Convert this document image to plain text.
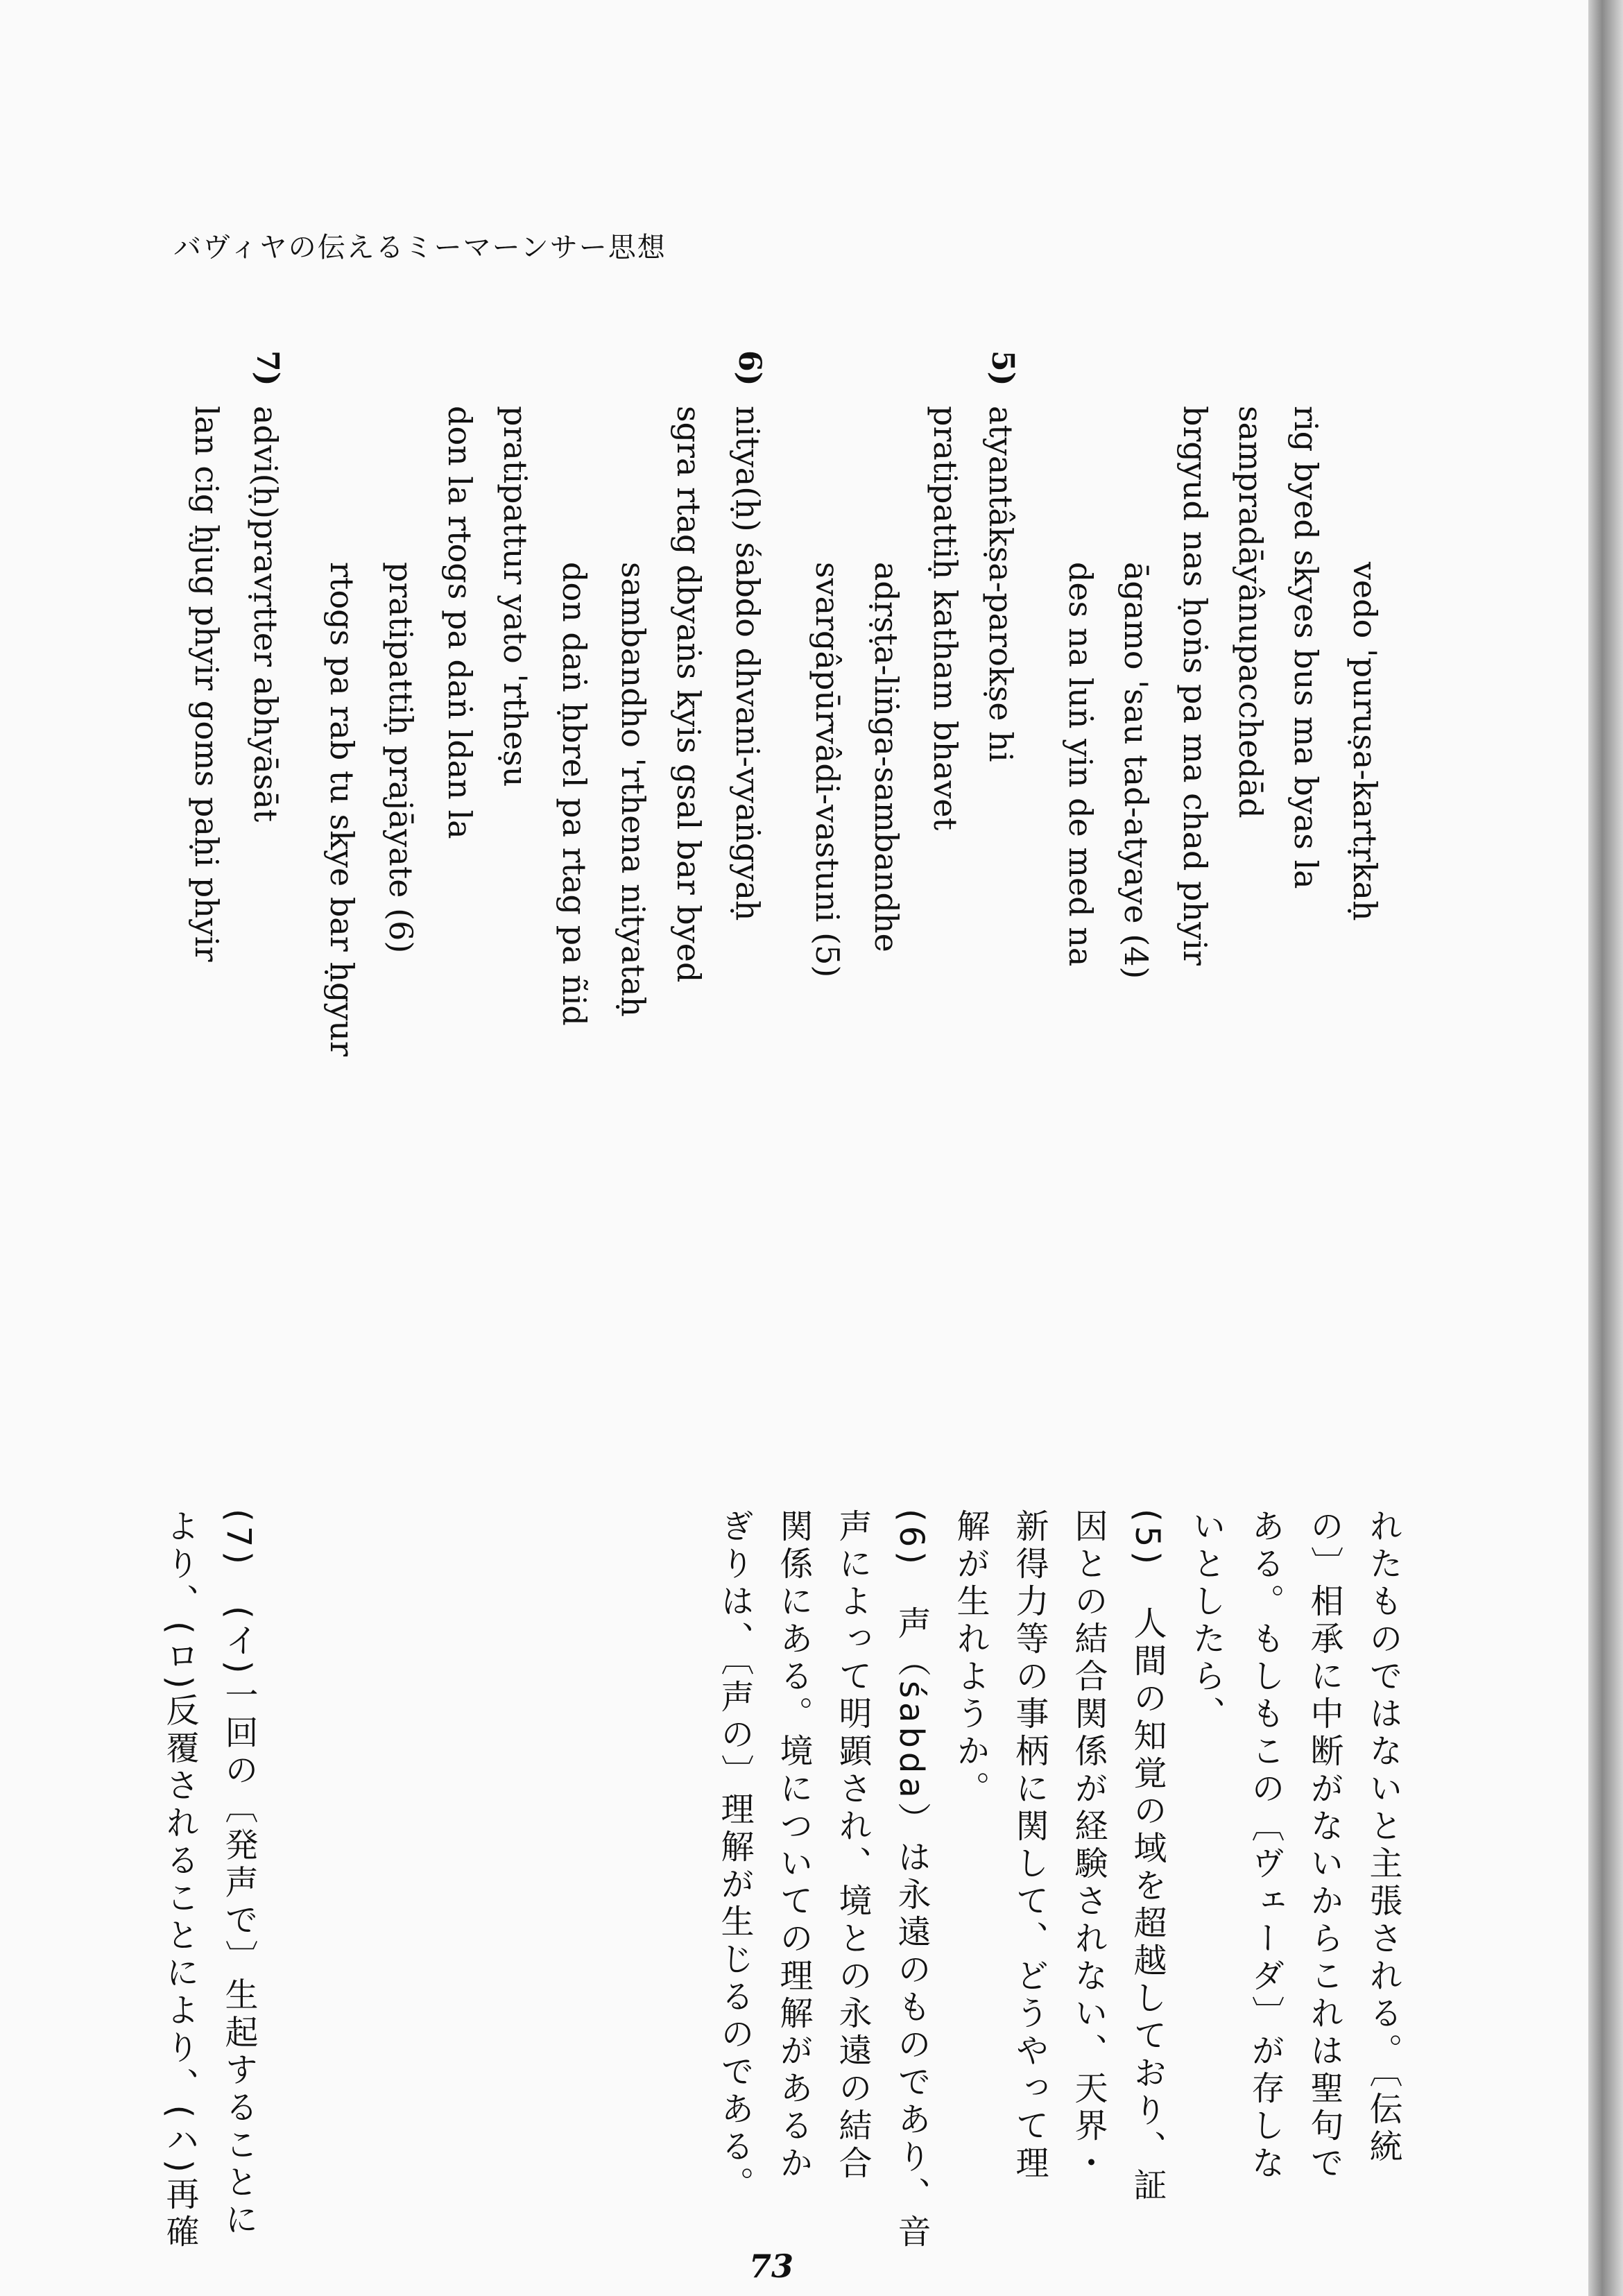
バヴィヤの伝えるミーマーンサー思想
73
vedo 'puruṣa-kartṛkaḥ
rig byed skyes bus ma byas la
sampradāyânupacchedād
brgyud nas ḥoṅs pa ma chad phyir
āgamo 'sau tad-atyaye (4)
des na luṅ yin de med na
atyantâkṣa-parokṣe hi
pratipattiḥ katham bhavet
adṛṣṭa-liṅga-sambandhe
svargâpūrvâdi-vastuni (5)
nitya(ḥ) śabdo dhvani-vyaṅgyaḥ
sgra rtag dbyaṅs kyis gsal bar byed
sambandho 'rthena nityataḥ
don daṅ ḥbrel pa rtag pa ñid
pratipattur yato 'rtheṣu
don la rtogs pa daṅ ldan la
pratipattiḥ prajāyate (6)
rtogs pa rab tu skye bar ḥgyur
advi(ḥ)pravṛtter abhyāsāt
lan cig ḥjug phyir goms paḥi phyir
5)
6)
7)
れたものではないと主張される。〔伝統
の〕相承に中断がないからこれは聖句で
ある。もしもこの〔ヴェーダ〕が存しな
いとしたら、
(5)　人間の知覚の域を超越しており、証
因との結合関係が経験されない、天界・
新得力等の事柄に関して、どうやって理
解が生れようか。
(6)　声（śabda）は永遠のものであり、音
声によって明顕され、境との永遠の結合
関係にある。境についての理解があるか
ぎりは、〔声の〕理解が生じるのである。
(7)　(イ)一回の〔発声で〕生起することに
より、(ロ)反覆されることにより、(ハ)再確
